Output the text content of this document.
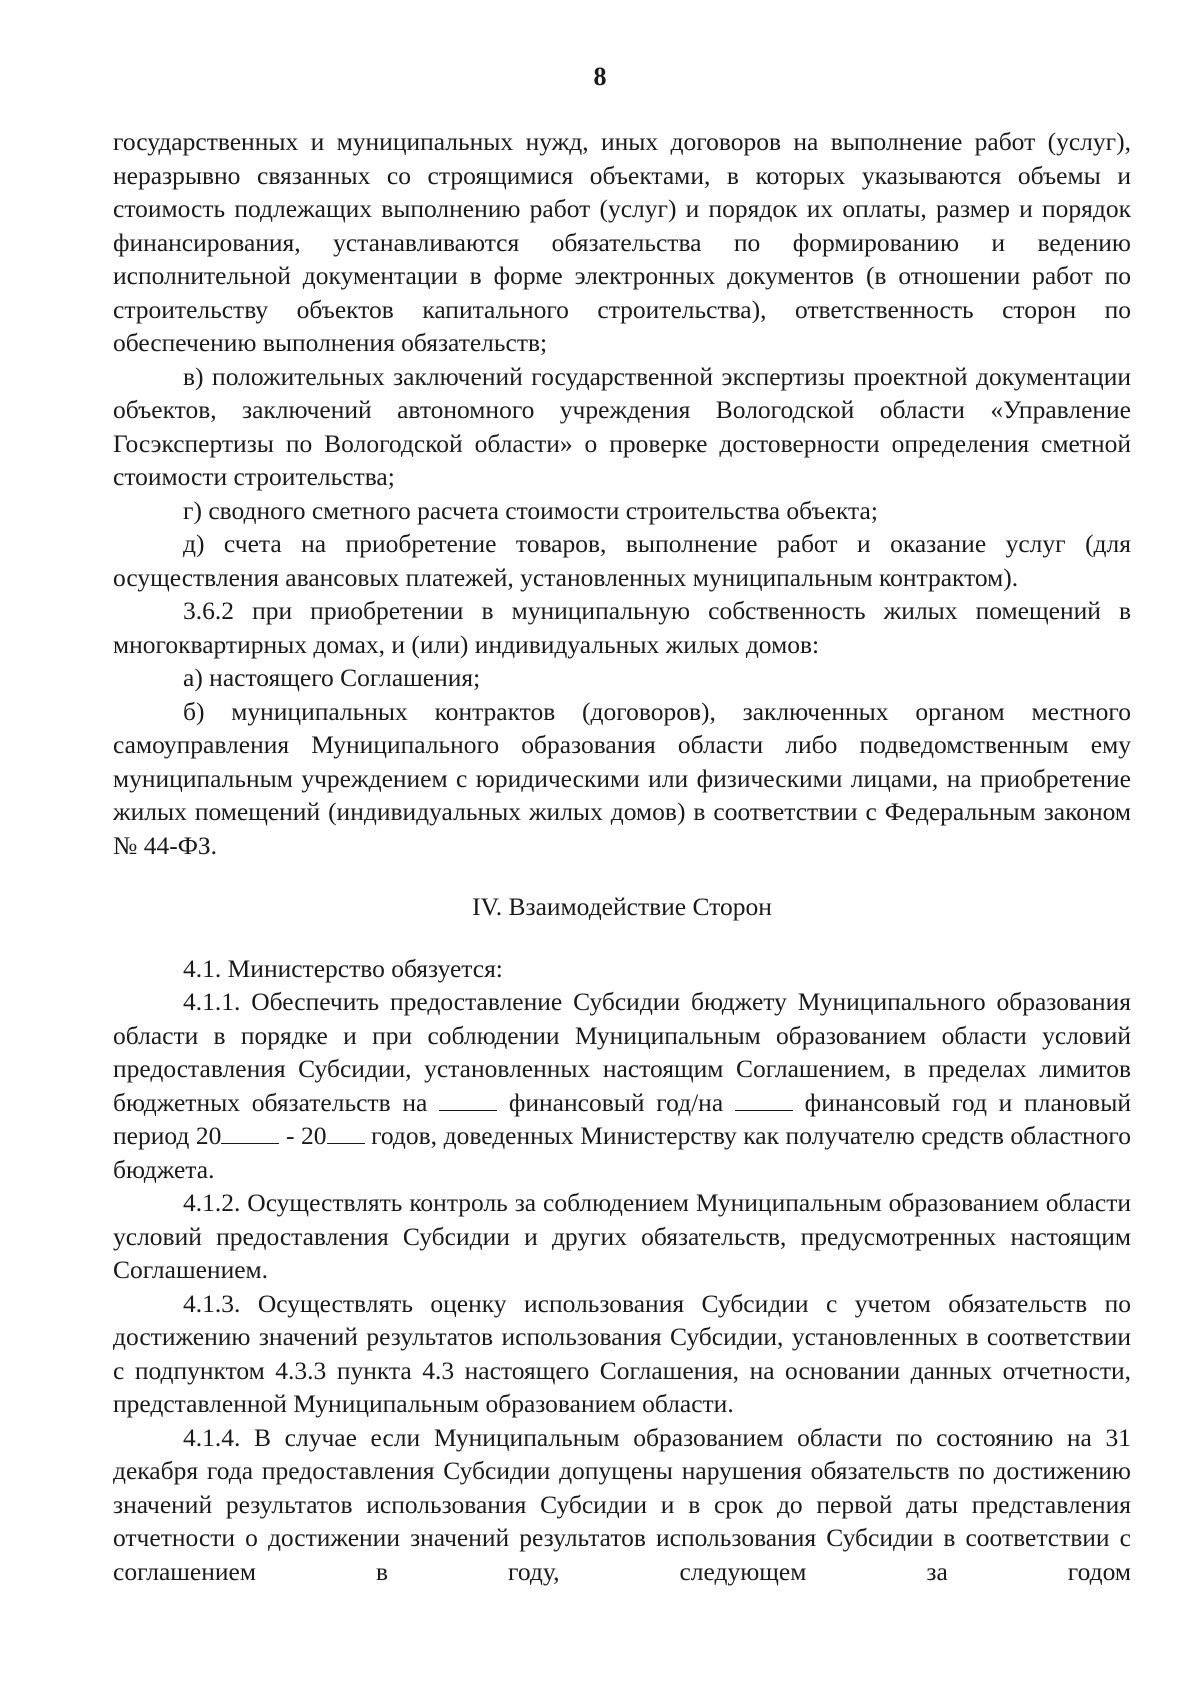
8

государственных и муниципальных нужд, иных договоров на выполнение работ (услуг), неразрывно связанных со строящимися объектами, в которых указываются объемы и стоимость подлежащих выполнению работ (услуг) и порядок их оплаты, размер и порядок финансирования, устанавливаются обязательства по формированию и ведению исполнительной документации в форме электронных документов (в отношении работ по строительству объектов капитального строительства), ответственность сторон по обеспечению выполнения обязательств;

в) положительных заключений государственной экспертизы проектной документации объектов, заключений автономного учреждения Вологодской области «Управление Госэкспертизы по Вологодской области» о проверке достоверности определения сметной стоимости строительства;

г) сводного сметного расчета стоимости строительства объекта;

д) счета на приобретение товаров, выполнение работ и оказание услуг (для осуществления авансовых платежей, установленных муниципальным контрактом).

3.6.2 при приобретении в муниципальную собственность жилых помещений в многоквартирных домах, и (или) индивидуальных жилых домов:

а) настоящего Соглашения;

б) муниципальных контрактов (договоров), заключенных органом местного самоуправления Муниципального образования области либо подведомственным ему муниципальным учреждением с юридическими или физическими лицами, на приобретение жилых помещений (индивидуальных жилых домов) в соответствии с Федеральным законом № 44-ФЗ.

IV. Взаимодействие Сторон

4.1. Министерство обязуется:

4.1.1. Обеспечить предоставление Субсидии бюджету Муниципального образования области в порядке и при соблюдении Муниципальным образованием области условий предоставления Субсидии, установленных настоящим Соглашением, в пределах лимитов бюджетных обязательств на  финансовый год/на  финансовый год и плановый период 20 - 20 годов, доведенных Министерству как получателю средств областного бюджета.

4.1.2. Осуществлять контроль за соблюдением Муниципальным образованием области условий предоставления Субсидии и других обязательств, предусмотренных настоящим Соглашением.

4.1.3. Осуществлять оценку использования Субсидии с учетом обязательств по достижению значений результатов использования Субсидии, установленных в соответствии с подпунктом 4.3.3 пункта 4.3 настоящего Соглашения, на основании данных отчетности, представленной Муниципальным образованием области.

4.1.4. В случае если Муниципальным образованием области по состоянию на 31 декабря года предоставления Субсидии допущены нарушения обязательств по достижению значений результатов использования Субсидии и в срок до первой даты представления отчетности о достижении значений результатов использования Субсидии в соответствии с соглашением в году, следующем за годом
